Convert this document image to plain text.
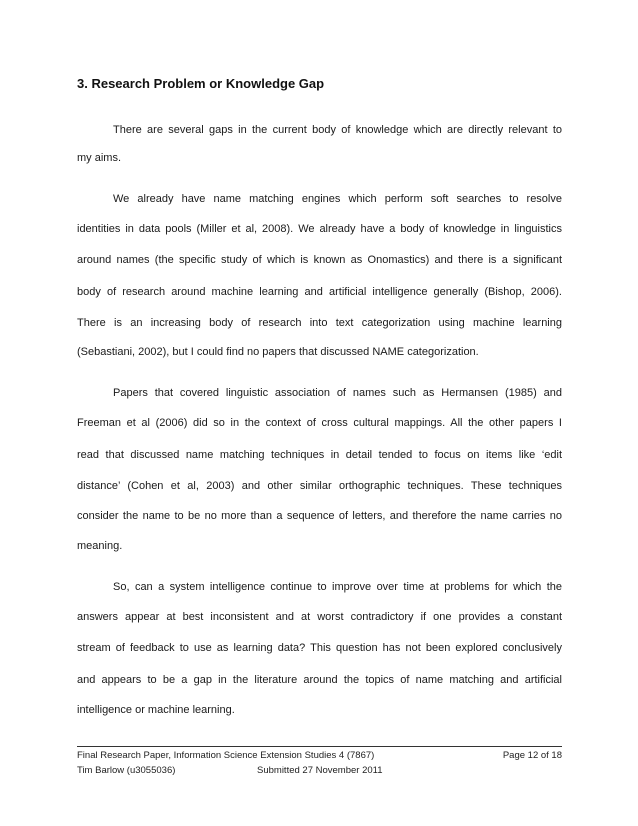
3. Research Problem or Knowledge Gap
There are several gaps in the current body of knowledge which are directly relevant to
my aims.
We already have name matching engines which perform soft searches to resolve
identities in data pools (Miller et al, 2008). We already have a body of knowledge in linguistics
around names (the specific study of which is known as Onomastics) and there is a significant
body of research around machine learning and artificial intelligence generally (Bishop, 2006).
There is an increasing body of research into text categorization using machine learning
(Sebastiani, 2002), but I could find no papers that discussed NAME categorization.
Papers that covered linguistic association of names such as Hermansen (1985) and
Freeman et al (2006) did so in the context of cross cultural mappings. All the other papers I
read that discussed name matching techniques in detail tended to focus on items like ‘edit
distance’ (Cohen et al, 2003) and other similar orthographic techniques. These techniques
consider the name to be no more than a sequence of letters, and therefore the name carries no
meaning.
So, can a system intelligence continue to improve over time at problems for which the
answers appear at best inconsistent and at worst contradictory if one provides a constant
stream of feedback to use as learning data? This question has not been explored conclusively
and appears to be a gap in the literature around the topics of name matching and artificial
intelligence or machine learning.
Final Research Paper, Information Science Extension Studies 4 (7867)	Page 12 of 18
Tim Barlow (u3055036)	Submitted 27 November 2011
